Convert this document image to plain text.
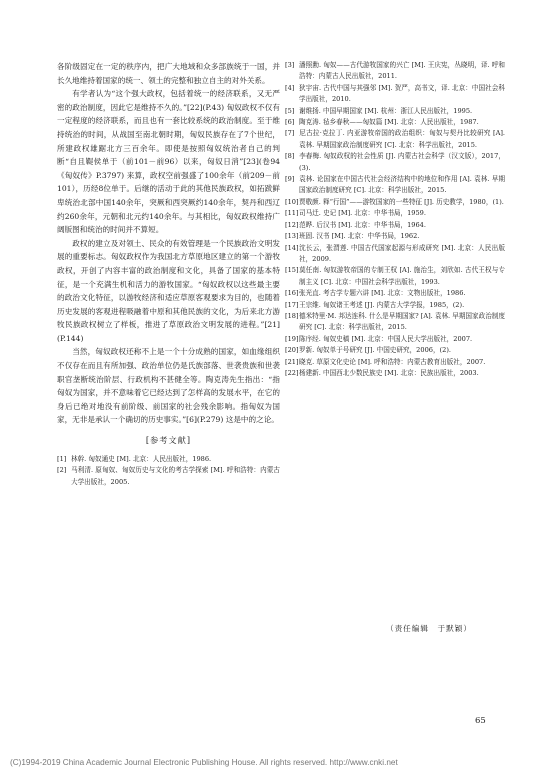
各阶级固定在一定的秩序内，把广大地域和众多部族统于一国，并长久地维持着国家的统一、领土的完整和独立自主的对外关系。

有学者认为“这个强大政权，包括着统一的经济联系，又无严密的政治制度，因此它是维持不久的。”[22](P.43) 匈奴政权不仅有一定程度的经济联系，而且也有一套比较系统的政治制度。至于维持统治的时间，从战国至南北朝时期，匈奴民族存在了7个世纪，所建政权雄踞北方三百余年。即使是按照匈奴统治者自己的判断“自且鞮侯单于（前101－前96）以来，匈奴日消”[23](卷94《匈奴传》P.3797) 来算，政权空前强盛了100余年（前209－前101），历经8位单于。后继的活动于此的其他民族政权，如拓跋鲜卑统治北部中国140余年，突厥和西突厥约140余年，契丹和西辽约260余年，元朝和北元约140余年。与其相比，匈奴政权维持广阔版图和统治的时间并不算短。

政权的建立及对领土、民众的有效管理是一个民族政治文明发展的重要标志。匈奴政权作为我国北方草原地区建立的第一个游牧政权，开创了内容丰富的政治制度和文化，具备了国家的基本特征，是一个充满生机和活力的游牧国家。“匈奴政权以这些最主要的政治文化特征，以游牧经济和适应草原客观要求为目的，也随着历史发展的客观进程吸融着中原和其他民族的文化，为后来北方游牧民族政权树立了样板，推进了草原政治文明发展的进程。”[21](P.144)

当然，匈奴政权还称不上是一个十分成熟的国家，如血缘组织不仅存在而且有所加强、政治单位仍是氏族部落、世袭贵族和世袭职官垄断统治阶层、行政机构不甚健全等。陶克涛先生指出：“指匈奴为国家，并不意味着它已经达到了怎样高的发展水平，在它的身后已绝对地没有前阶级、前国家的社会残余影响。指匈奴为国家，无非是承认一个确切的历史事实。”[6](P.279) 这是中的之论。

[参考文献]

[1] 林幹. 匈奴通史 [M]. 北京：人民出版社，1986.

[2] 马利清. 原匈奴、匈奴历史与文化的考古学探索 [M]. 呼和浩特：内蒙古大学出版社，2005.

[3] 潘照勳. 匈奴——古代游牧国家的兴亡 [M]. 王庆宪，丛晓明，译. 呼和浩特：内蒙古人民出版社，2011.

[4] 狄宇宙. 古代中国与其强邻 [M]. 贺严，高书文，译. 北京：中国社会科学出版社，2010.

[5] 谢维扬. 中国早期国家 [M]. 杭州：浙江人民出版社，1995.

[6] 陶克涛. 毡乡春秋——匈奴篇 [M]. 北京：人民出版社，1987.

[7] 尼古拉·克拉丁. 内亚游牧帝国的政治组织：匈奴与契丹比较研究 [A]. 袁林. 早期国家政治制度研究 [C]. 北京：科学出版社，2015.

[8] 李春梅. 匈奴政权的社会性质 [J]. 内蒙古社会科学（汉文版），2017，(3).

[9] 袁林. 论国家在中国古代社会经济结构中的地位和作用 [A]. 袁林. 早期国家政治制度研究 [C]. 北京：科学出版社，2015.

[10]贾敬颜. 释“行国”——游牧国家的一些特征 [J]. 历史教学，1980，(1).

[11]司马迁. 史记 [M]. 北京：中华书局，1959.

[12]范晔. 后汉书 [M]. 北京：中华书局，1964.

[13]班固. 汉书 [M]. 北京：中华书局，1962.

[14]沈长云，张渭莲. 中国古代国家起源与形成研究 [M]. 北京：人民出版社，2009.

[15]莫任南. 匈奴游牧帝国的专制王权 [A]. 施治生，刘欣如. 古代王权与专制主义 [C]. 北京：中国社会科学出版社，1993.

[16]张光直. 考古学专题六讲 [M]. 北京：文物出版社，1986.

[17]王宗维. 匈奴诸王考述 [J]. 内蒙古大学学报，1985，(2).

[18]德米特里·M. 邦达连科. 什么是早期国家? [A]. 袁林. 早期国家政治制度研究 [C]. 北京：科学出版社，2015.

[19]陈序经. 匈奴史稿 [M]. 北京：中国人民大学出版社，2007.

[20]罗新. 匈奴单于号研究 [J]. 中国史研究，2006，(2).

[21]晓克. 草原文化史论 [M]. 呼和浩特：内蒙古教育出版社，2007.

[22]杨建新. 中国西北少数民族史 [M]. 北京：民族出版社，2003.

（责任编辑　于默颖）
65
(C)1994-2019 China Academic Journal Electronic Publishing House. All rights reserved. http://www.cnki.net
